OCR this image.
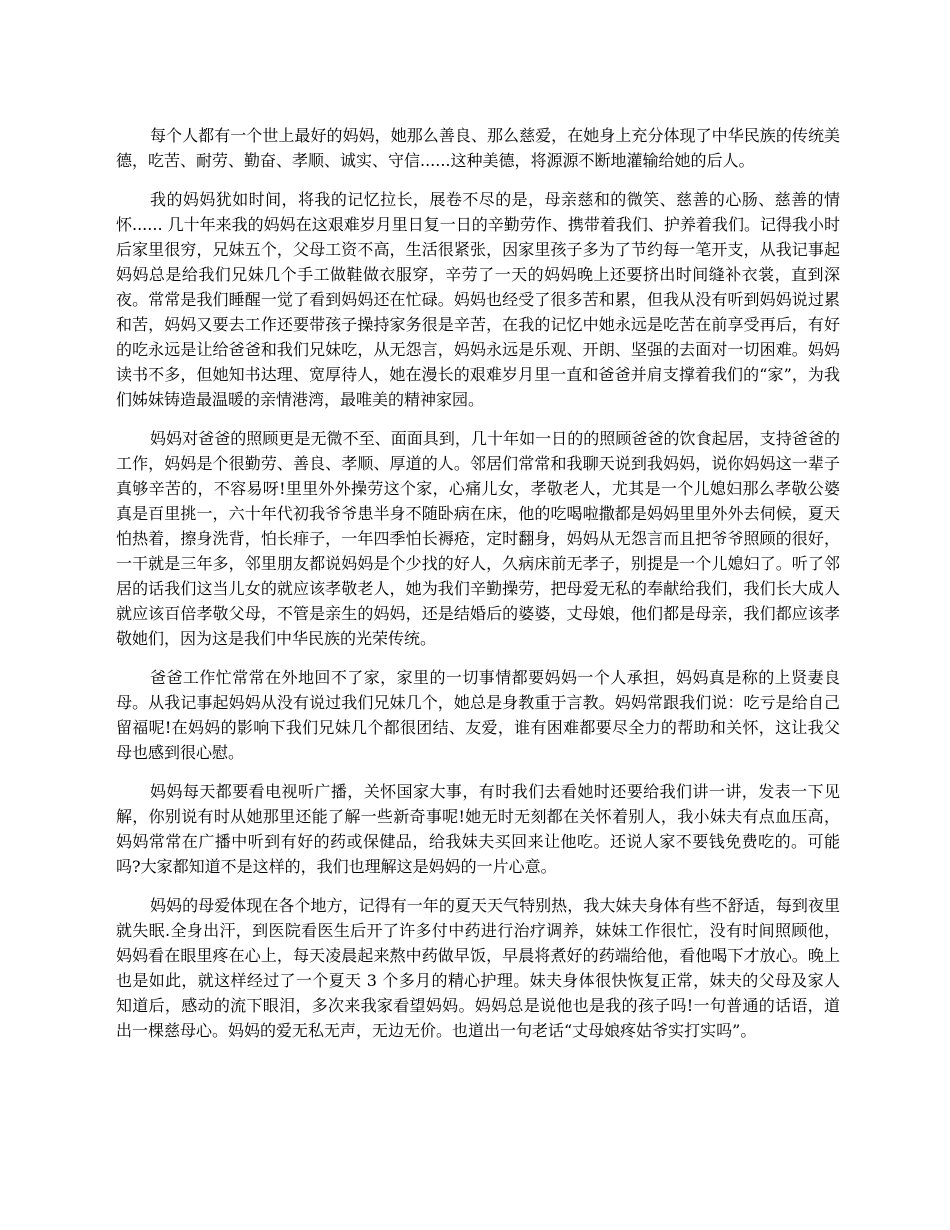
每个人都有一个世上最好的妈妈，她那么善良、那么慈爱，在她身上充分体现了中华民族的传统美德，吃苦、耐劳、勤奋、孝顺、诚实、守信......这种美德，将源源不断地灌输给她的后人。

我的妈妈犹如时间，将我的记忆拉长，展卷不尽的是，母亲慈和的微笑、慈善的心肠、慈善的情怀...... 几十年来我的妈妈在这艰难岁月里日复一日的辛勤劳作、携带着我们、护养着我们。记得我小时后家里很穷，兄妹五个，父母工资不高，生活很紧张，因家里孩子多为了节约每一笔开支，从我记事起妈妈总是给我们兄妹几个手工做鞋做衣服穿，辛劳了一天的妈妈晚上还要挤出时间缝补衣裳，直到深夜。常常是我们睡醒一觉了看到妈妈还在忙碌。妈妈也经受了很多苦和累，但我从没有听到妈妈说过累和苦，妈妈又要去工作还要带孩子操持家务很是辛苦，在我的记忆中她永远是吃苦在前享受再后，有好的吃永远是让给爸爸和我们兄妹吃，从无怨言，妈妈永远是乐观、开朗、坚强的去面对一切困难。妈妈读书不多，但她知书达理、宽厚待人，她在漫长的艰难岁月里一直和爸爸并肩支撑着我们的“家”，为我们姊妹铸造最温暖的亲情港湾，最唯美的精神家园。

妈妈对爸爸的照顾更是无微不至、面面具到，几十年如一日的的照顾爸爸的饮食起居，支持爸爸的工作，妈妈是个很勤劳、善良、孝顺、厚道的人。邻居们常常和我聊天说到我妈妈，说你妈妈这一辈子真够辛苦的，不容易呀!里里外外操劳这个家，心痛儿女，孝敬老人，尤其是一个儿媳妇那么孝敬公婆真是百里挑一，六十年代初我爷爷患半身不随卧病在床，他的吃喝啦撒都是妈妈里里外外去伺候，夏天怕热着，擦身洗背，怕长痱子，一年四季怕长褥疮，定时翻身，妈妈从无怨言而且把爷爷照顾的很好，一干就是三年多，邻里朋友都说妈妈是个少找的好人，久病床前无孝子，别提是一个儿媳妇了。听了邻居的话我们这当儿女的就应该孝敬老人，她为我们辛勤操劳，把母爱无私的奉献给我们，我们长大成人就应该百倍孝敬父母，不管是亲生的妈妈，还是结婚后的婆婆，丈母娘，他们都是母亲，我们都应该孝敬她们，因为这是我们中华民族的光荣传统。

爸爸工作忙常常在外地回不了家，家里的一切事情都要妈妈一个人承担，妈妈真是称的上贤妻良母。从我记事起妈妈从没有说过我们兄妹几个，她总是身教重于言教。妈妈常跟我们说：吃亏是给自己留福呢!在妈妈的影响下我们兄妹几个都很团结、友爱，谁有困难都要尽全力的帮助和关怀，这让我父母也感到很心慰。

妈妈每天都要看电视听广播，关怀国家大事，有时我们去看她时还要给我们讲一讲，发表一下见解，你别说有时从她那里还能了解一些新奇事呢!她无时无刻都在关怀着别人，我小妹夫有点血压高，妈妈常常在广播中听到有好的药或保健品，给我妹夫买回来让他吃。还说人家不要钱免费吃的。可能吗?大家都知道不是这样的，我们也理解这是妈妈的一片心意。

妈妈的母爱体现在各个地方，记得有一年的夏天天气特别热，我大妹夫身体有些不舒适，每到夜里就失眠.全身出汗，到医院看医生后开了许多付中药进行治疗调养，妹妹工作很忙，没有时间照顾他，妈妈看在眼里疼在心上，每天凌晨起来熬中药做早饭，早晨将煮好的药端给他，看他喝下才放心。晚上也是如此，就这样经过了一个夏天 3 个多月的精心护理。妹夫身体很快恢复正常，妹夫的父母及家人知道后，感动的流下眼泪，多次来我家看望妈妈。妈妈总是说他也是我的孩子吗!一句普通的话语，道出一棵慈母心。妈妈的爱无私无声，无边无价。也道出一句老话“丈母娘疼姑爷实打实吗”。
